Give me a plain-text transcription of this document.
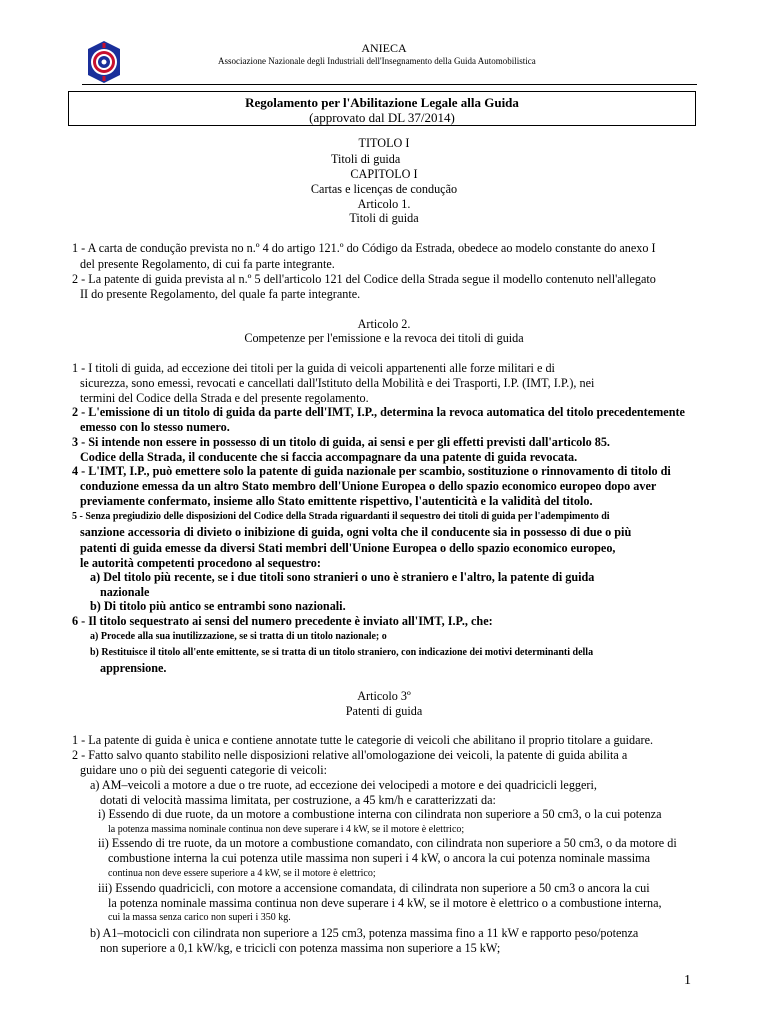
ANIECA
Associazione Nazionale degli Industriali dell'Insegnamento della Guida Automobilistica
Regolamento per l'Abilitazione Legale alla Guida
(approvato dal DL 37/2014)
TITOLO I
Titoli di guida
CAPITOLO I
Cartas e licenças de condução
Articolo 1.
Titoli di guida
1 - A carta de condução prevista no n.º 4 do artigo 121.º do Código da Estrada, obedece ao modelo constante do anexo I
del presente Regolamento, di cui fa parte integrante.
2 - La patente di guida prevista al n.º 5 dell'articolo 121 del Codice della Strada segue il modello contenuto nell'allegato
II do presente Regolamento, del quale fa parte integrante.
Articolo 2.
Competenze per l'emissione e la revoca dei titoli di guida
1 - I titoli di guida, ad eccezione dei titoli per la guida di veicoli appartenenti alle forze militari e di
sicurezza, sono emessi, revocati e cancellati dall'Istituto della Mobilità e dei Trasporti, I.P. (IMT, I.P.), nei
termini del Codice della Strada e del presente regolamento.
2 - L'emissione di un titolo di guida da parte dell'IMT, I.P., determina la revoca automatica del titolo precedentemente
emesso con lo stesso numero.
3 - Si intende non essere in possesso di un titolo di guida, ai sensi e per gli effetti previsti dall'articolo 85.
Codice della Strada, il conducente che si faccia accompagnare da una patente di guida revocata.
4 - L'IMT, I.P., può emettere solo la patente di guida nazionale per scambio, sostituzione o rinnovamento di titolo di
conduzione emessa da un altro Stato membro dell'Unione Europea o dello spazio economico europeo dopo aver
previamente confermato, insieme allo Stato emittente rispettivo, l'autenticità e la validità del titolo.
5 - Senza pregiudizio delle disposizioni del Codice della Strada riguardanti il sequestro dei titoli di guida per l'adempimento di
sanzione accessoria di divieto o inibizione di guida, ogni volta che il conducente sia in possesso di due o più
patenti di guida emesse da diversi Stati membri dell'Unione Europea o dello spazio economico europeo,
le autorità competenti procedono al sequestro:
a) Del titolo più recente, se i due titoli sono stranieri o uno è straniero e l'altro, la patente di guida
nazionale
b) Di titolo più antico se entrambi sono nazionali.
6 - Il titolo sequestrato ai sensi del numero precedente è inviato all'IMT, I.P., che:
a) Procede alla sua inutilizzazione, se si tratta di un titolo nazionale; o
b) Restituisce il titolo all'ente emittente, se si tratta di un titolo straniero, con indicazione dei motivi determinanti della
apprensione.
Articolo 3º
Patenti di guida
1 - La patente di guida è unica e contiene annotate tutte le categorie di veicoli che abilitano il proprio titolare a guidare.
2 - Fatto salvo quanto stabilito nelle disposizioni relative all'omologazione dei veicoli, la patente di guida abilita a
guidare uno o più dei seguenti categorie di veicoli:
a) AM–veicoli a motore a due o tre ruote, ad eccezione dei velocipedi a motore e dei quadricicli leggeri,
dotati di velocità massima limitata, per costruzione, a 45 km/h e caratterizzati da:
i) Essendo di due ruote, da un motore a combustione interna con cilindrata non superiore a 50 cm3, o la cui potenza
la potenza massima nominale continua non deve superare i 4 kW, se il motore è elettrico;
ii) Essendo di tre ruote, da un motore a combustione comandato, con cilindrata non superiore a 50 cm3, o da motore di
combustione interna la cui potenza utile massima non superi i 4 kW, o ancora la cui potenza nominale massima
continua non deve essere superiore a 4 kW, se il motore è elettrico;
iii) Essendo quadricicli, con motore a accensione comandata, di cilindrata non superiore a 50 cm3 o ancora la cui
la potenza nominale massima continua non deve superare i 4 kW, se il motore è elettrico o a combustione interna,
cui la massa senza carico non superi i 350 kg.
b) A1–motocicli con cilindrata non superiore a 125 cm3, potenza massima fino a 11 kW e rapporto peso/potenza
non superiore a 0,1 kW/kg, e tricicli con potenza massima non superiore a 15 kW;
1
